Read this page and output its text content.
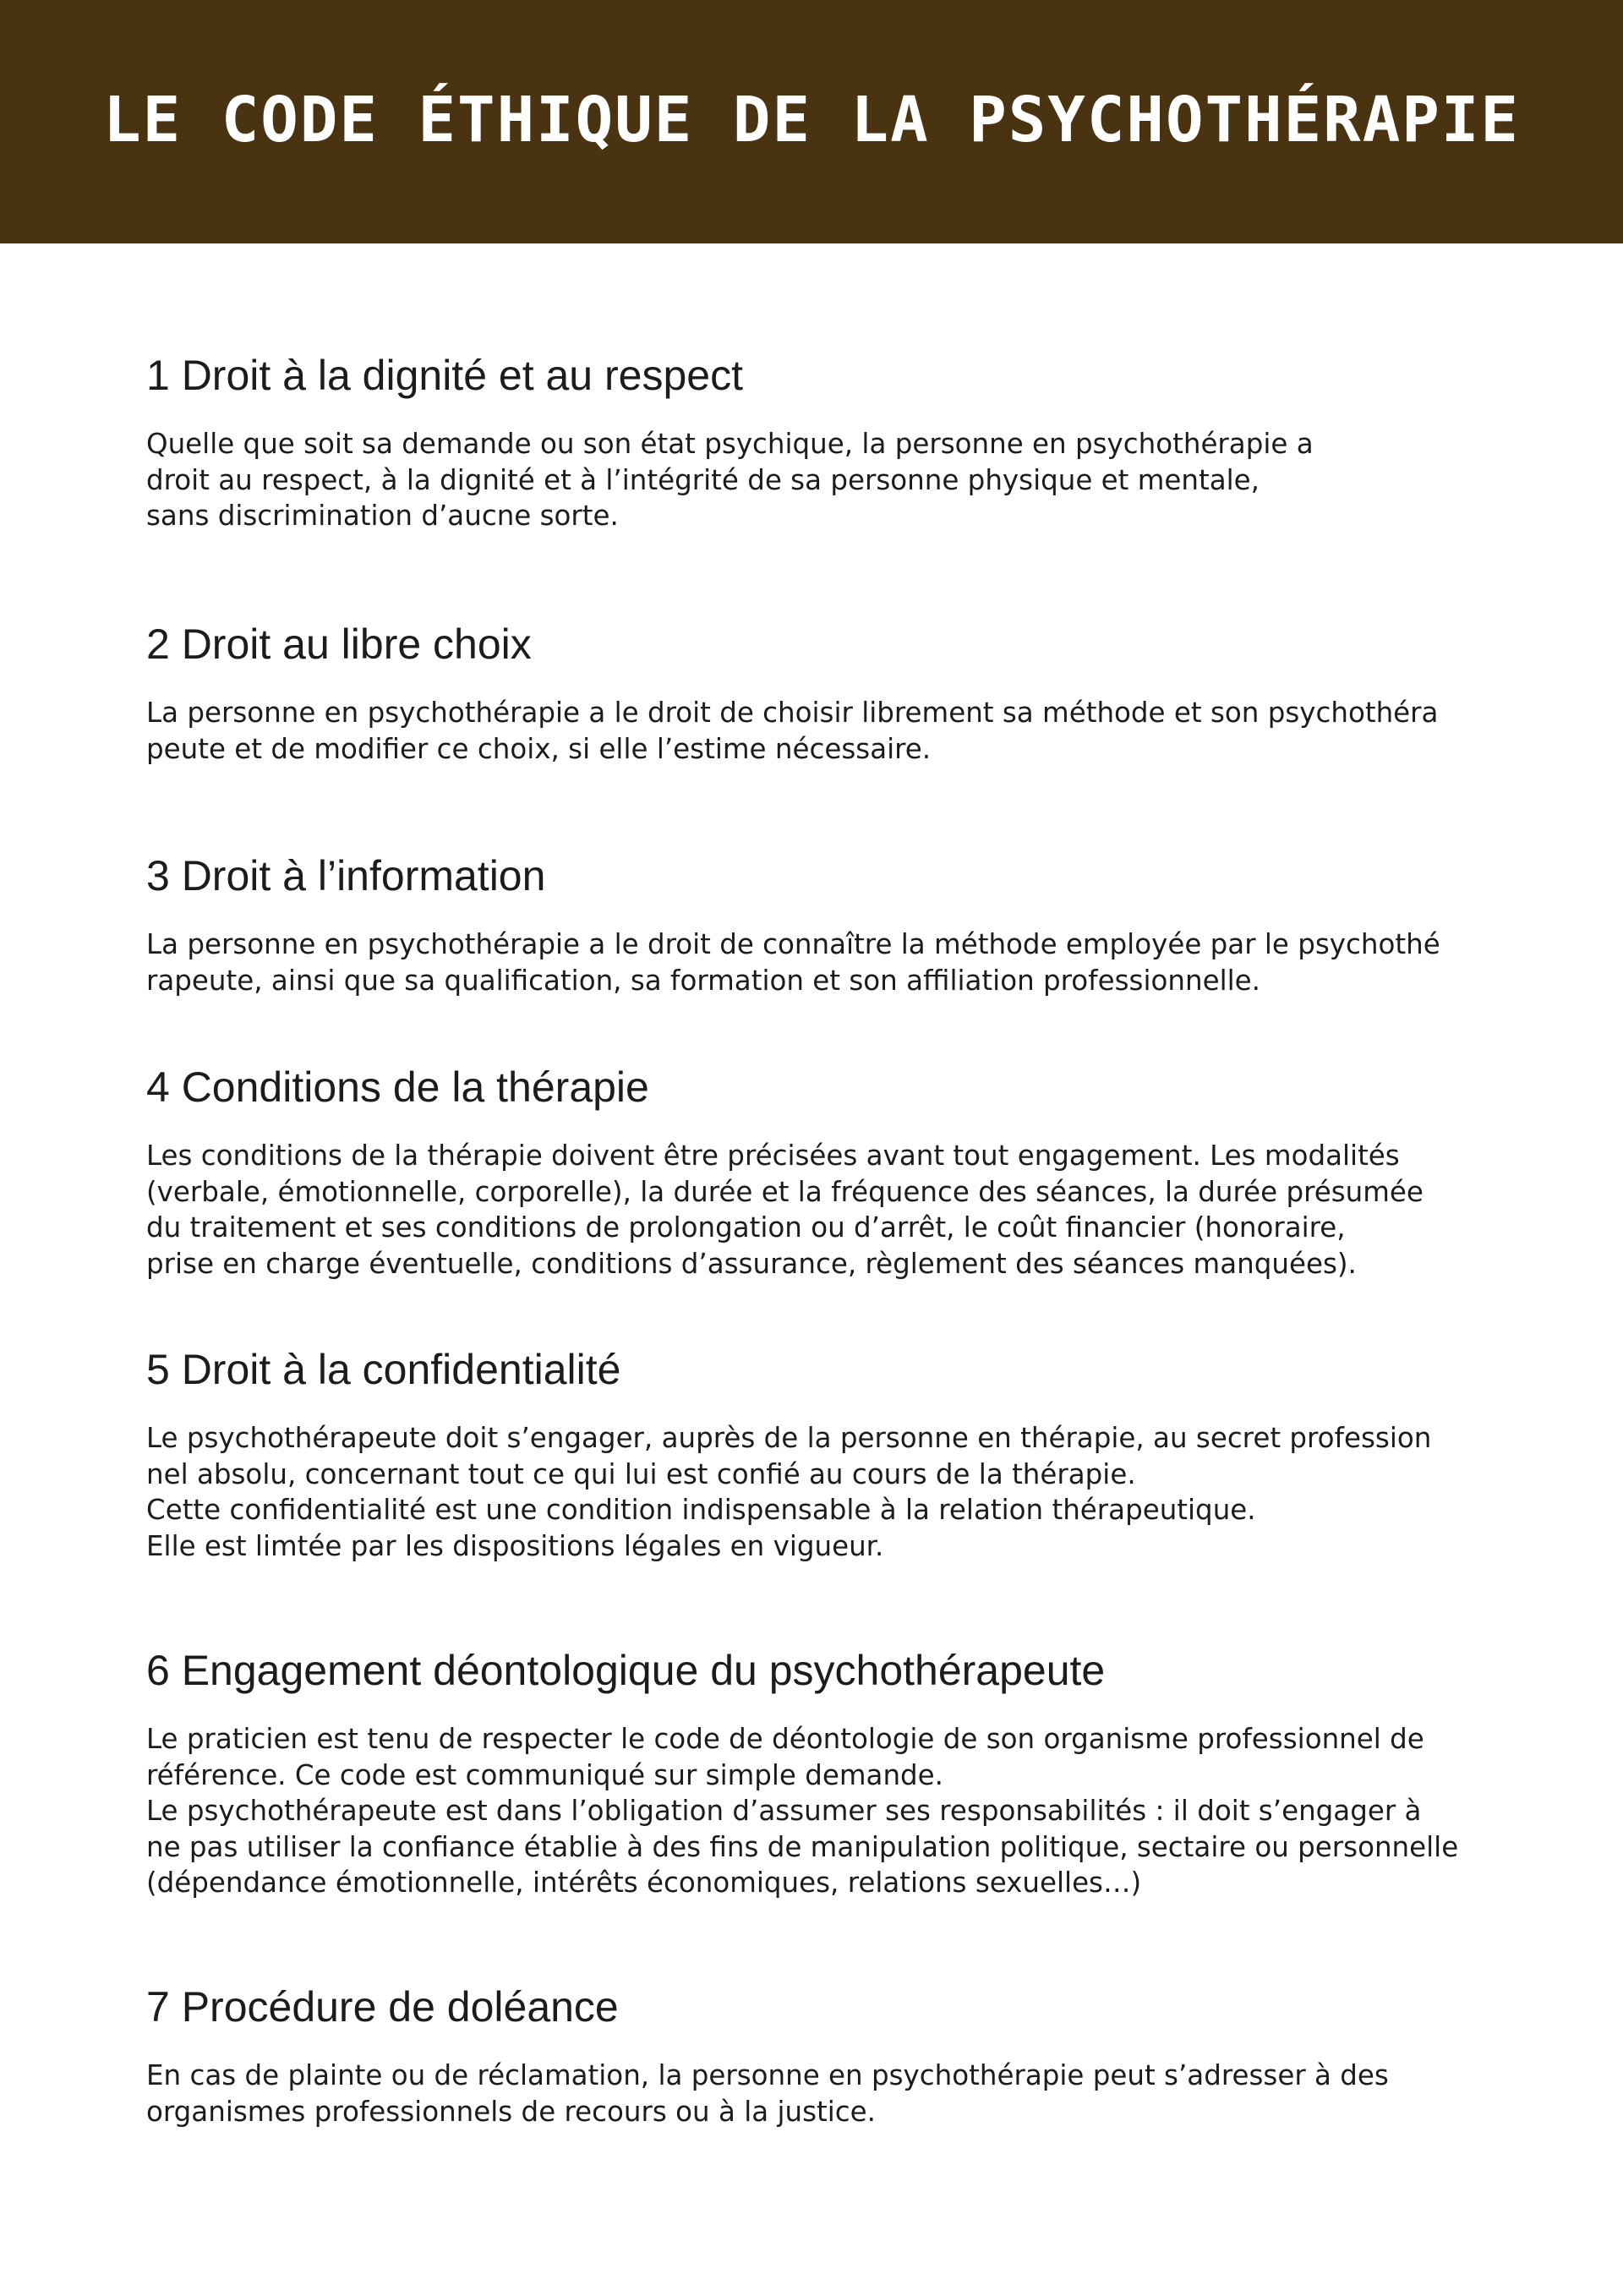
LE CODE ÉTHIQUE DE LA PSYCHOTHÉRAPIE
1 Droit à la dignité et au respect

Quelle que soit sa demande ou son état psychique, la personne en psychothérapie a
droit au respect, à la dignité et à l’intégrité de sa personne physique et mentale,
sans discrimination d’aucne sorte.

2 Droit au libre choix

La personne en psychothérapie a le droit de choisir librement sa méthode et son psychothéra
peute et de modifier ce choix, si elle l’estime nécessaire.

3 Droit à l’information

La personne en psychothérapie a le droit de connaître la méthode employée par le psychothé
rapeute, ainsi que sa qualification, sa formation et son affiliation professionnelle.

4 Conditions de la thérapie

Les conditions de la thérapie doivent être précisées avant tout engagement. Les modalités
(verbale, émotionnelle, corporelle), la durée et la fréquence des séances, la durée présumée
du traitement et ses conditions de prolongation ou d’arrêt, le coût financier (honoraire,
prise en charge éventuelle, conditions d’assurance, règlement des séances manquées).

5 Droit à la confidentialité

Le psychothérapeute doit s’engager, auprès de la personne en thérapie, au secret profession
nel absolu, concernant tout ce qui lui est confié au cours de la thérapie.
Cette confidentialité est une condition indispensable à la relation thérapeutique.
Elle est limtée par les dispositions légales en vigueur.

6 Engagement déontologique du psychothérapeute

Le praticien est tenu de respecter le code de déontologie de son organisme professionnel de
référence. Ce code est communiqué sur simple demande.
Le psychothérapeute est dans l’obligation d’assumer ses responsabilités : il doit s’engager à
ne pas utiliser la confiance établie à des fins de manipulation politique, sectaire ou personnelle
(dépendance émotionnelle, intérêts économiques, relations sexuelles…)

7 Procédure de doléance

En cas de plainte ou de réclamation, la personne en psychothérapie peut s’adresser à des
organismes professionnels de recours ou à la justice.
